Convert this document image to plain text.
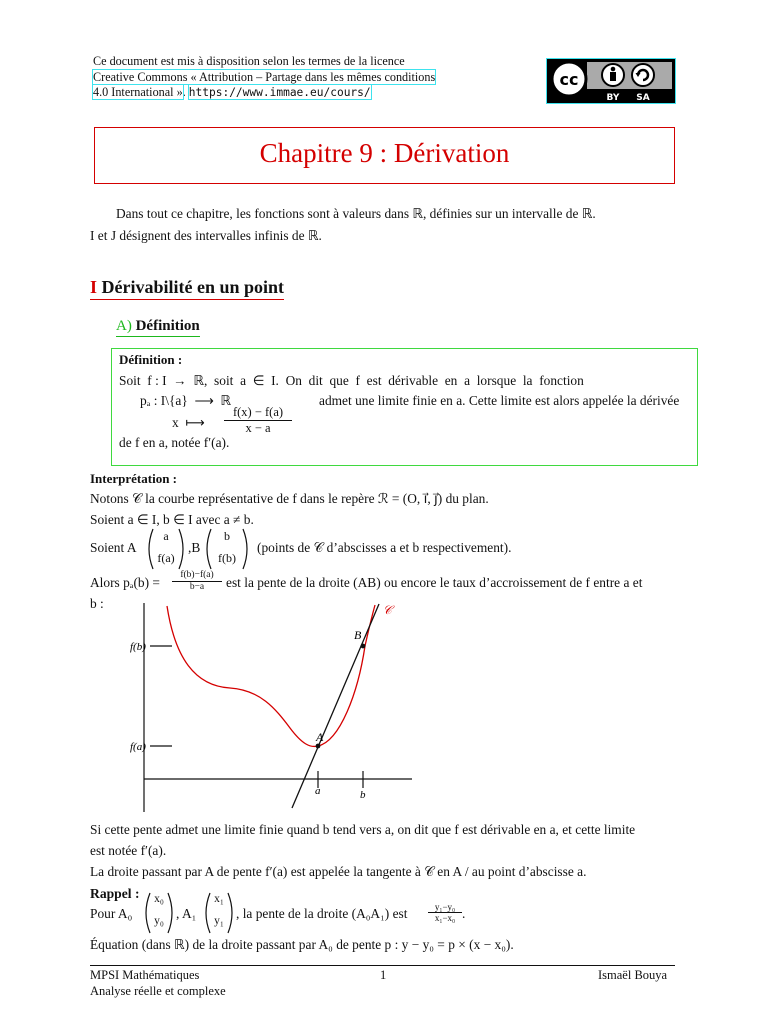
Ce document est mis à disposition selon les termes de la licence
Creative Commons « Attribution – Partage dans les mêmes conditions
4.0 International ». https://www.immae.eu/cours/
cc
BY SA
Chapitre 9 : Dérivation
Dans tout ce chapitre, les fonctions sont à valeurs dans ℝ, définies sur un intervalle de ℝ.
I et J désignent des intervalles infinis de ℝ.
I Dérivabilité en un point
A) Définition
Définition :
Soit  f : I  →  ℝ,  soit  a  ∈  I.  On  dit  que  f  est  dérivable  en  a  lorsque  la  fonction
pₐ : I\{a}  ⟶  ℝ	admet une limite finie en a. Cette limite est alors appelée la dérivée
x  ⟼ $\frac{f(x) - f(a)}{x - a}$
de f en a, notée f′(a).
Interprétation :
Notons 𝒞 la courbe représentative de f dans le repère ℛ = (O, i⃗, j⃗) du plan.
Soient a ∈ I, b ∈ I avec a ≠ b.
Soient A
a
f(a)
,B
b
f(b)
(points de 𝒞 d’abscisses a et b respectivement).
Alors $p_a(b) = \frac{f(b)-f(a)}{b-a}$ est la pente de la droite (AB) ou encore le taux d’accroissement de f entre a et
b :
f(b)
f(a)
a	b
A
B
𝒞
Si cette pente admet une limite finie quand b tend vers a, on dit que f est dérivable en a, et cette limite
est notée f′(a).
La droite passant par A de pente f′(a) est appelée la tangente à 𝒞 en A / au point d’abscisse a.
Rappel :
Pour A₀
x₀
y₀ , A₁
x₁
y₁ , la pente de la droite (A₀A₁) est $\frac{\text{y₁−y₀}}{\text{x₁−x₀}}$ .
Équation (dans ℝ) de la droite passant par A₀ de pente p : y − y₀ = p × (x − x₀).
MPSI Mathématiques
Analyse réelle et complexe
1	Ismaël Bouya
